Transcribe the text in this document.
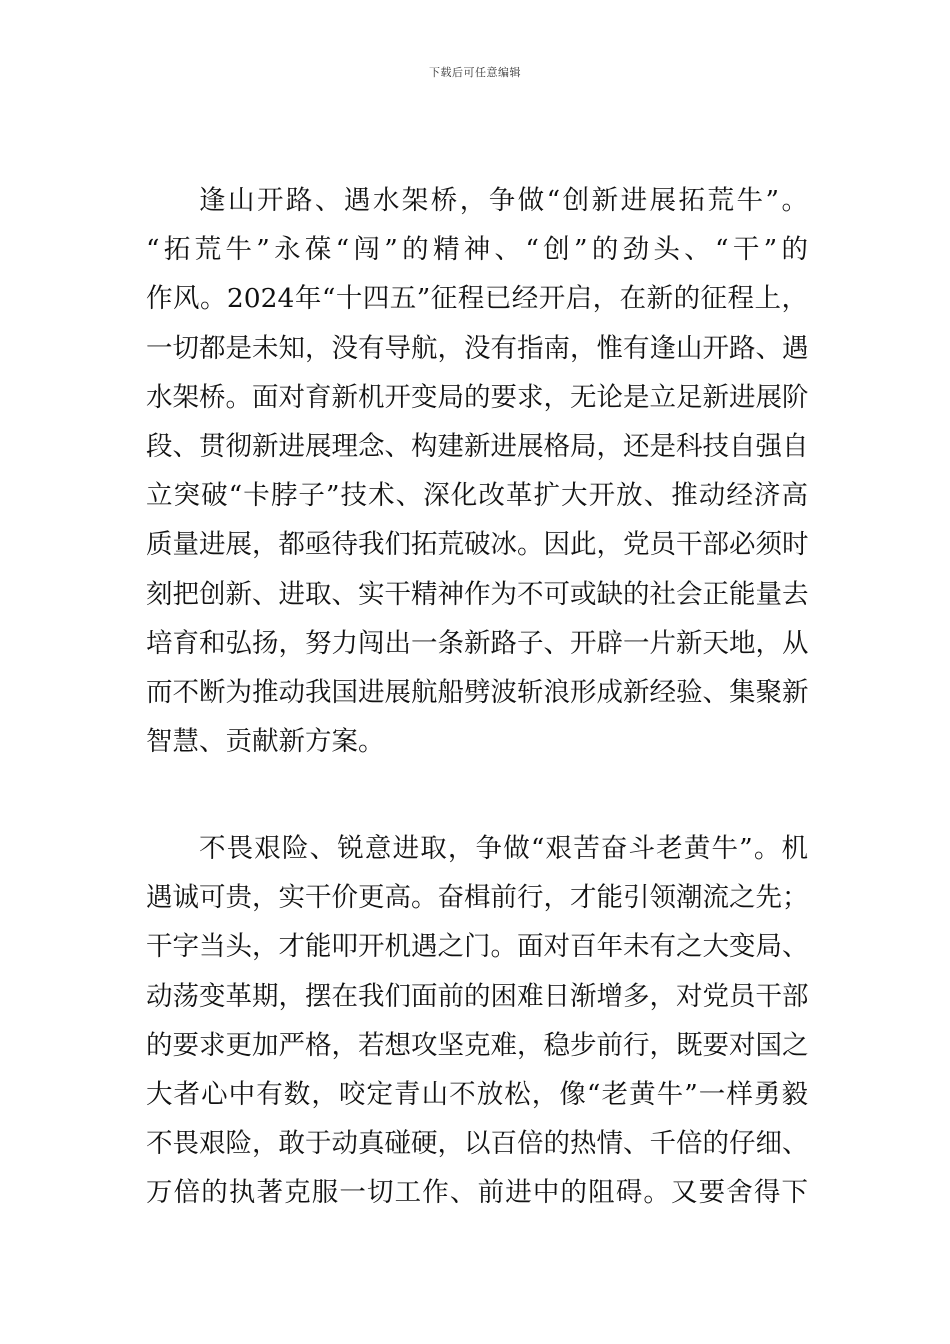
下载后可任意编辑
逢山开路、遇水架桥，争做“创新进展拓荒牛”。
“拓荒牛”永葆“闯”的精神、“创”的劲头、“干”的
作风。2024年“十四五”征程已经开启，在新的征程上，
一切都是未知，没有导航，没有指南，惟有逢山开路、遇
水架桥。面对育新机开变局的要求，无论是立足新进展阶
段、贯彻新进展理念、构建新进展格局，还是科技自强自
立突破“卡脖子”技术、深化改革扩大开放、推动经济高
质量进展，都亟待我们拓荒破冰。因此，党员干部必须时
刻把创新、进取、实干精神作为不可或缺的社会正能量去
培育和弘扬，努力闯出一条新路子、开辟一片新天地，从
而不断为推动我国进展航船劈波斩浪形成新经验、集聚新
智慧、贡献新方案。
不畏艰险、锐意进取，争做“艰苦奋斗老黄牛”。机
遇诚可贵，实干价更高。奋楫前行，才能引领潮流之先；
干字当头，才能叩开机遇之门。面对百年未有之大变局、
动荡变革期，摆在我们面前的困难日渐增多，对党员干部
的要求更加严格，若想攻坚克难，稳步前行，既要对国之
大者心中有数，咬定青山不放松，像“老黄牛”一样勇毅
不畏艰险，敢于动真碰硬，以百倍的热情、千倍的仔细、
万倍的执著克服一切工作、前进中的阻碍。又要舍得下
